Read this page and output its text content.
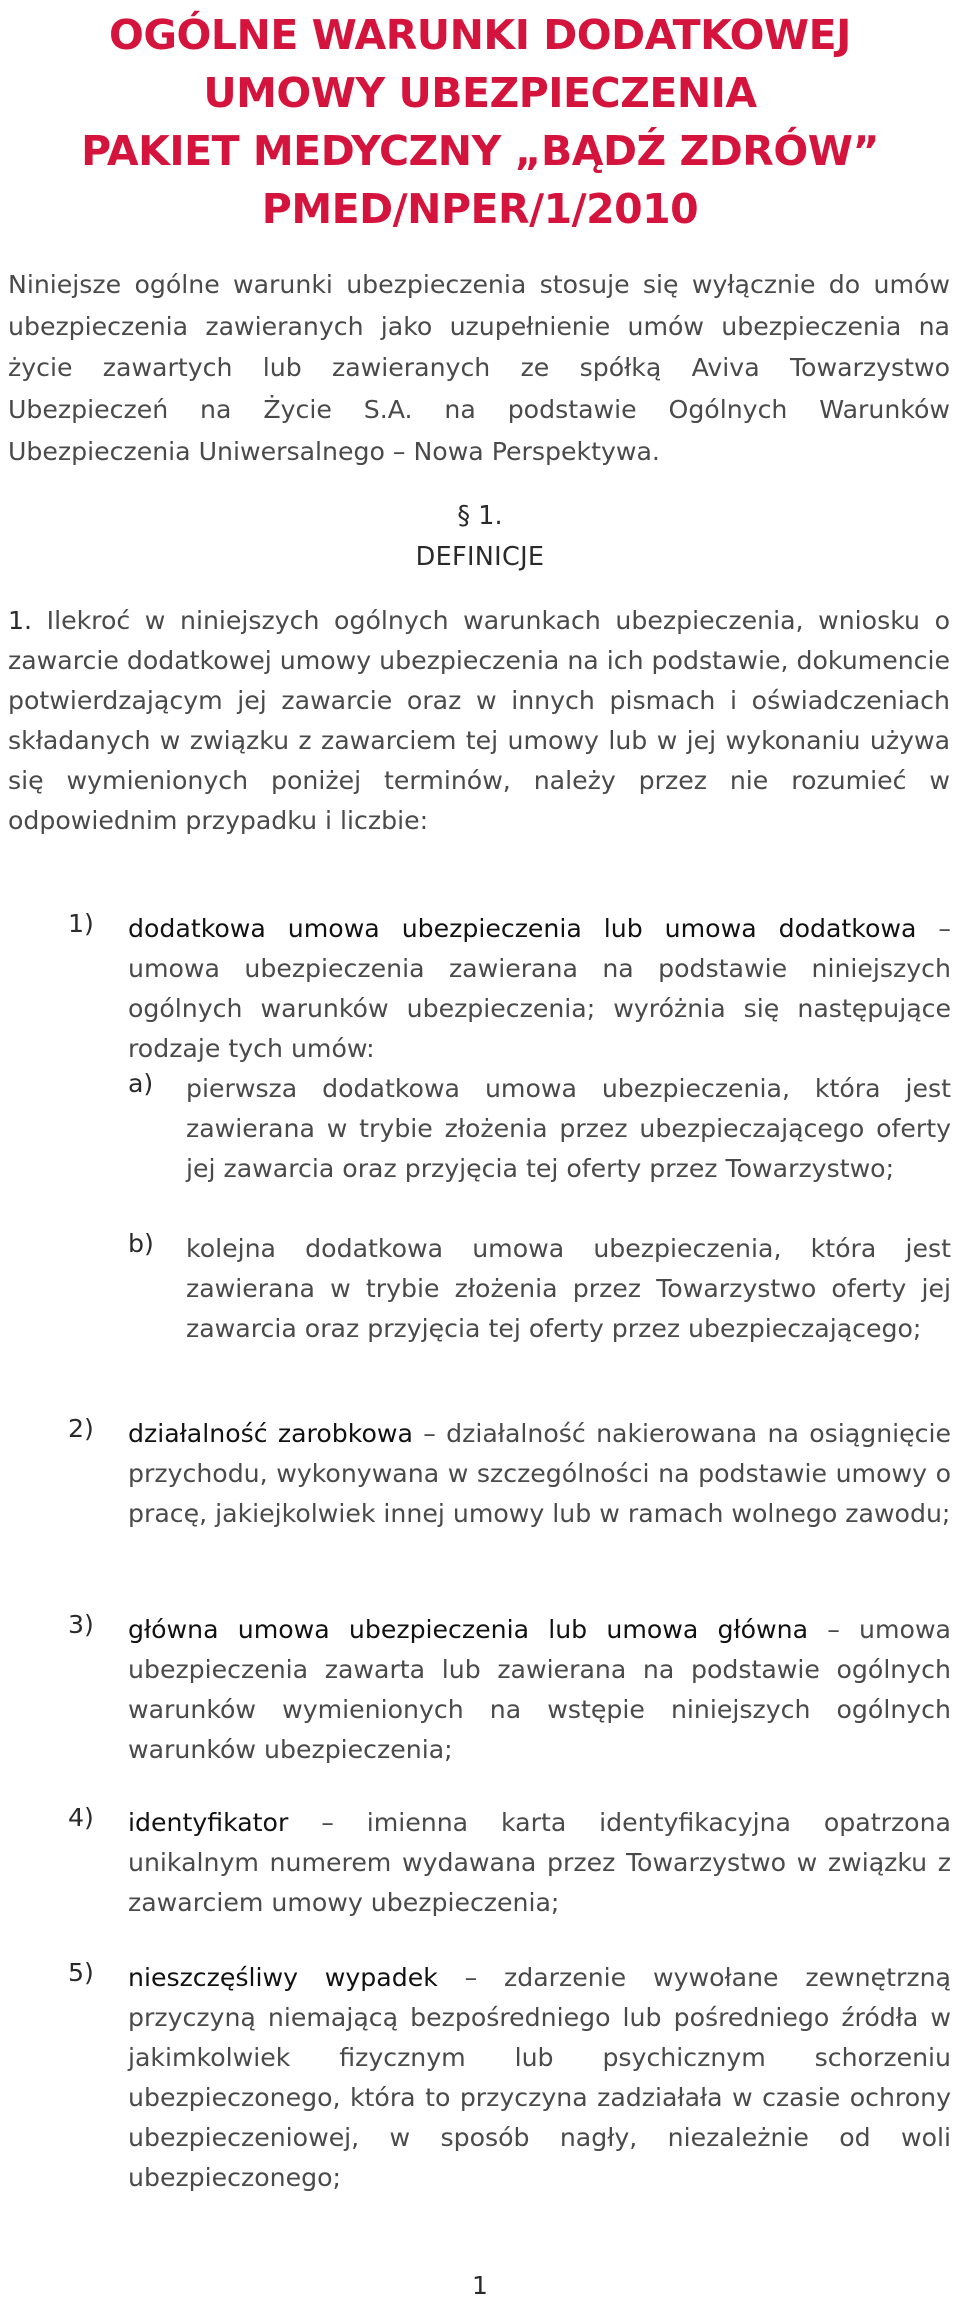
OGÓLNE WARUNKI DODATKOWEJ
UMOWY UBEZPIECZENIA
PAKIET MEDYCZNY „BĄDŹ ZDRÓW”
PMED/NPER/1/2010

Niniejsze ogólne warunki ubezpieczenia stosuje się wyłącznie do umów ubezpieczenia zawieranych jako uzupełnienie umów ubezpieczenia na życie zawartych lub zawieranych ze spółką Aviva Towarzystwo Ubezpieczeń na Życie S.A. na podstawie Ogólnych Warunków Ubezpieczenia Uniwersalnego – Nowa Perspektywa.

§ 1.
DEFINICJE

1. Ilekroć w niniejszych ogólnych warunkach ubezpieczenia, wniosku o zawarcie dodatkowej umowy ubezpieczenia na ich podstawie, dokumencie potwierdzającym jej zawarcie oraz w innych pismach i oświadczeniach składanych w związku z zawarciem tej umowy lub w jej wykonaniu używa się wymienionych poniżej terminów, należy przez nie rozumieć w odpowiednim przypadku i liczbie:

1) dodatkowa umowa ubezpieczenia lub umowa dodatkowa – umowa ubezpieczenia zawierana na podstawie niniejszych ogólnych warunków ubezpieczenia; wyróżnia się następujące rodzaje tych umów:

a) pierwsza dodatkowa umowa ubezpieczenia, która jest zawierana w trybie złożenia przez ubezpieczającego oferty jej zawarcia oraz przyjęcia tej oferty przez Towarzystwo;

b) kolejna dodatkowa umowa ubezpieczenia, która jest zawierana w trybie złożenia przez Towarzystwo oferty jej zawarcia oraz przyjęcia tej oferty przez ubezpieczającego;

2) działalność zarobkowa – działalność nakierowana na osiągnięcie przychodu, wykonywana w szczególności na podstawie umowy o pracę, jakiejkolwiek innej umowy lub w ramach wolnego zawodu;

3) główna umowa ubezpieczenia lub umowa główna – umowa ubezpieczenia zawarta lub zawierana na podstawie ogólnych warunków wymienionych na wstępie niniejszych ogólnych warunków ubezpieczenia;

4) identyfikator – imienna karta identyfikacyjna opatrzona unikalnym numerem wydawana przez Towarzystwo w związku z zawarciem umowy ubezpieczenia;

5) nieszczęśliwy wypadek – zdarzenie wywołane zewnętrzną przyczyną niemającą bezpośredniego lub pośredniego źródła w jakimkolwiek fizycznym lub psychicznym schorzeniu ubezpieczonego, która to przyczyna zadziałała w czasie ochrony ubezpieczeniowej, w sposób nagły, niezależnie od woli ubezpieczonego;

1
